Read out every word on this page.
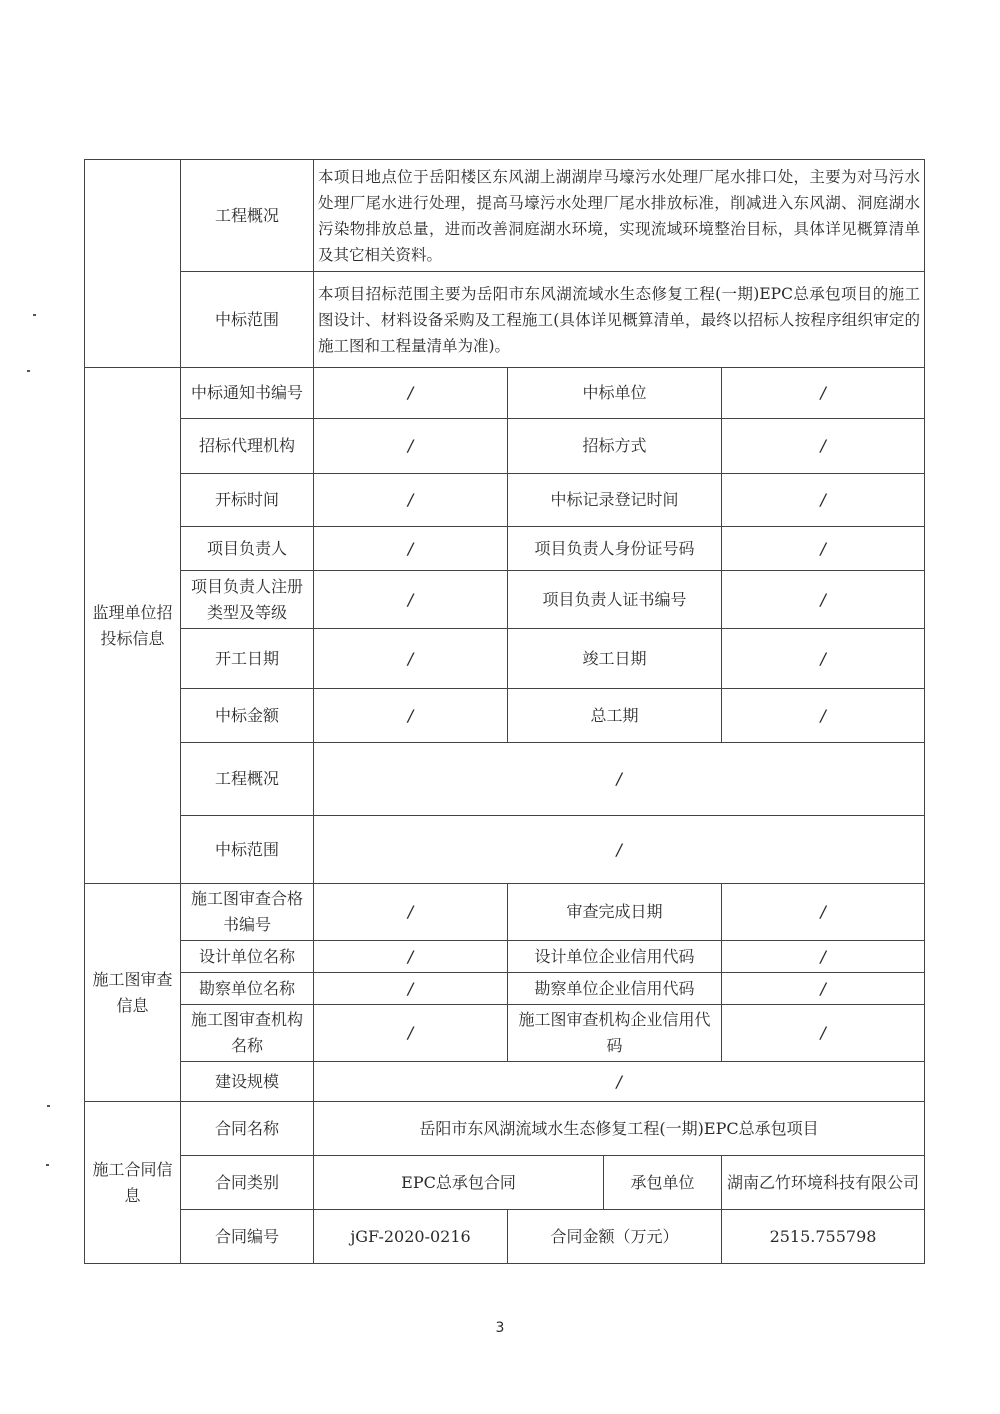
	工程概况	本项日地点位于岳阳楼区东风湖上湖湖岸马壕污水处理厂尾水排口处，主要为对马污水处理厂尾水进行处理，提高马壕污水处理厂尾水排放标准，削减进入东风湖、洞庭湖水污染物排放总量，进而改善洞庭湖水环境，实现流域环境整治目标，具体详见概算清单及其它相关资料。			
	中标范围	本项目招标范围主要为岳阳市东风湖流域水生态修复工程(一期)EPC总承包项目的施工图设计、材料设备采购及工程施工(具体详见概算清单，最终以招标人按程序组织审定的施工图和工程量清单为准)。			
监理单位招投标信息	中标通知书编号	/	中标单位		/
	招标代理机构	/	招标方式		/
	开标时间	/	中标记录登记时间		/
	项目负责人	/	项目负责人身份证号码		/
	项目负责人注册类型及等级	/	项目负责人证书编号		/
	开工日期	/	竣工日期		/
	中标金额	/	总工期		/
	工程概况	/			
	中标范围	/			
施工图审查信息	施工图审查合格书编号	/	审查完成日期		/
	设计单位名称	/	设计单位企业信用代码		/
	勘察单位名称	/	勘察单位企业信用代码		/
	施工图审查机构名称	/	施工图审查机构企业信用代码		/
	建设规模	/			
施工合同信息	合同名称	岳阳市东风湖流域水生态修复工程(一期)EPC总承包项目			
	合同类别	EPC总承包合同		承包单位	湖南乙竹环境科技有限公司
	合同编号	jGF-2020-0216	合同金额（万元）		2515.755798
3
